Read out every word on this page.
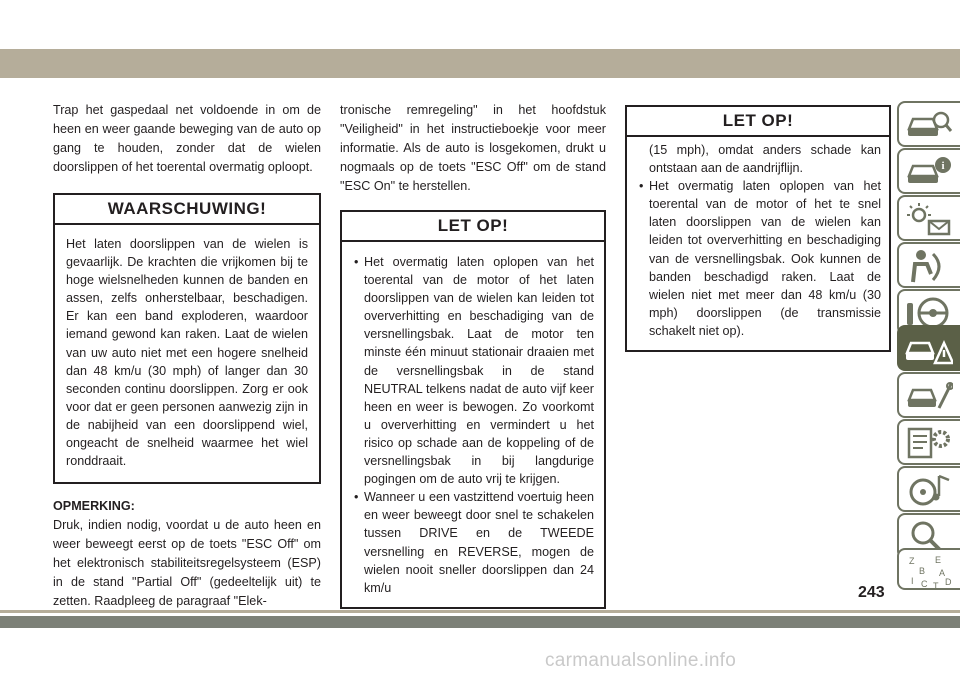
Trap het gaspedaal net voldoende in om de heen en weer gaande beweging van de auto op gang te houden, zonder dat de wielen doorslippen of het toerental overmatig oploopt.

WAARSCHUWING!
Het laten doorslippen van de wielen is gevaarlijk. De krachten die vrijkomen bij te hoge wielsnelheden kunnen de banden en assen, zelfs onherstelbaar, beschadigen. Er kan een band exploderen, waardoor iemand gewond kan raken. Laat de wielen van uw auto niet met een hogere snelheid dan 48 km/u (30 mph) of langer dan 30 seconden continu doorslippen. Zorg er ook voor dat er geen personen aanwezig zijn in de nabijheid van een doorslippend wiel, ongeacht de snelheid waarmee het wiel ronddraait.
OPMERKING:

Druk, indien nodig, voordat u de auto heen en weer beweegt eerst op de toets "ESC Off" om het elektronisch stabiliteitsregelsysteem (ESP) in de stand "Partial Off" (gedeeltelijk uit) te zetten. Raadpleeg de paragraaf "Elek-

tronische remregeling" in het hoofdstuk "Veiligheid" in het instructieboekje voor meer informatie. Als de auto is losgekomen, drukt u nogmaals op de toets "ESC Off" om de stand "ESC On" te herstellen.

LET OP!
• Het overmatig laten oplopen van het toerental van de motor of het laten doorslippen van de wielen kan leiden tot oververhitting en beschadiging van de versnellingsbak. Laat de motor ten minste één minuut stationair draaien met de versnellingsbak in de stand NEUTRAL telkens nadat de auto vijf keer heen en weer is bewogen. Zo voorkomt u oververhitting en vermindert u het risico op schade aan de koppeling of de versnellingsbak in bij langdurige pogingen om de auto vrij te krijgen.
• Wanneer u een vastzittend voertuig heen en weer beweegt door snel te schakelen tussen DRIVE en de TWEEDE versnelling en REVERSE, mogen de wielen nooit sneller doorslippen dan 24 km/u
LET OP!
(15 mph), omdat anders schade kan ontstaan aan de aandrijflijn.
• Het overmatig laten oplopen van het toerental van de motor of het te snel laten doorslippen van de wielen kan leiden tot oververhitting en beschadiging van de versnellingsbak. Ook kunnen de banden beschadigd raken. Laat de wielen niet met meer dan 48 km/u (30 mph) doorslippen (de transmissie schakelt niet op).
i
Z E
B A
I C D
T
243
carmanualsonline.info
